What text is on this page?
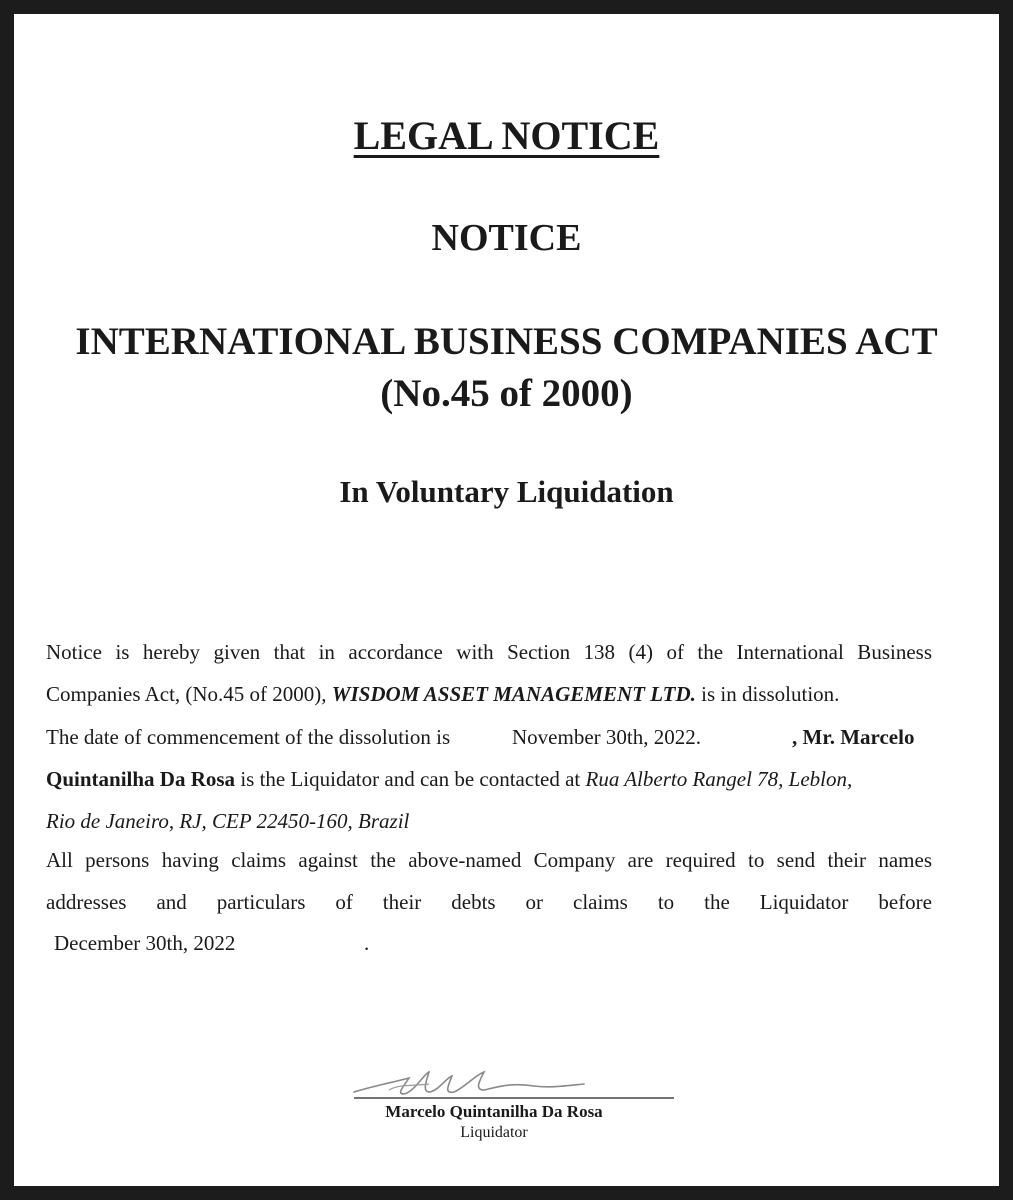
LEGAL NOTICE
NOTICE
INTERNATIONAL BUSINESS COMPANIES ACT
(No.45 of 2000)
In Voluntary Liquidation
Notice is hereby given that in accordance with Section 138 (4) of the International Business
Companies Act, (No.45 of 2000), WISDOM ASSET MANAGEMENT LTD. is in dissolution.
The date of commencement of the dissolution is	November 30th, 2022.	, Mr. Marcelo
Quintanilha Da Rosa is the Liquidator and can be contacted at Rua Alberto Rangel 78, Leblon,
Rio de Janeiro, RJ, CEP 22450-160, Brazil
All persons having claims against the above-named Company are required to send their names
addresses and particulars of their debts or claims to the Liquidator before
December 30th, 2022	.
Marcelo Quintanilha Da Rosa
Liquidator
